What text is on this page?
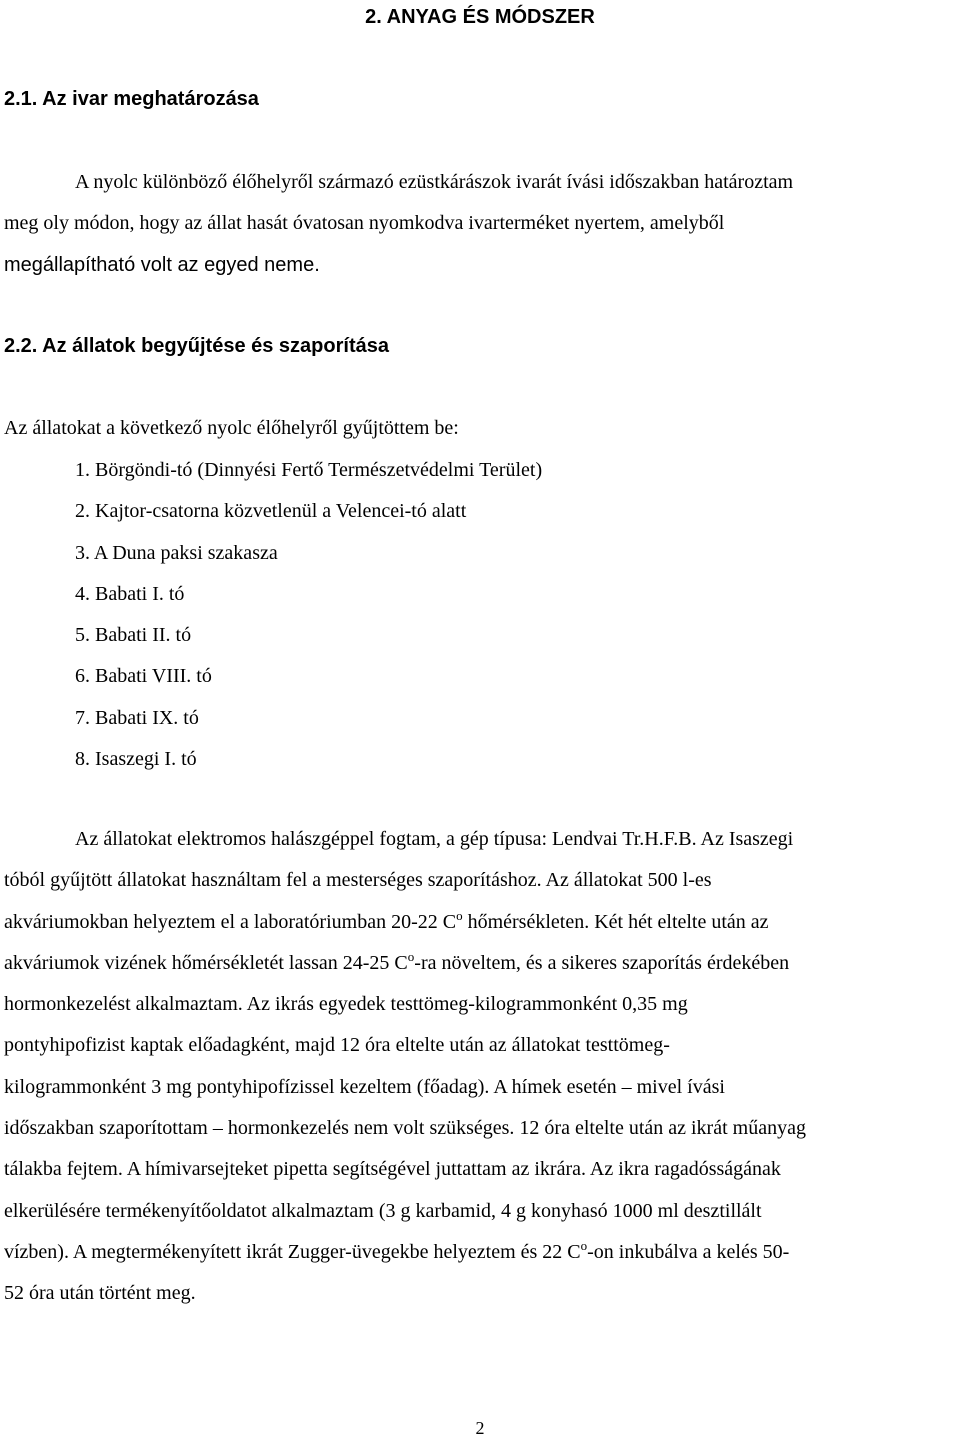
2. ANYAG ÉS MÓDSZER
2.1. Az ivar meghatározása
A nyolc különböző élőhelyről származó ezüstkárászok ivarát ívási időszakban határoztam
meg oly módon, hogy az állat hasát óvatosan nyomkodva ivarterméket nyertem, amelyből
megállapítható volt az egyed neme.
2.2. Az állatok begyűjtése és szaporítása
Az állatokat a következő nyolc élőhelyről gyűjtöttem be:
1. Börgöndi-tó (Dinnyési Fertő Természetvédelmi Terület)
2. Kajtor-csatorna közvetlenül a Velencei-tó alatt
3. A Duna paksi szakasza
4. Babati I. tó
5. Babati II. tó
6. Babati VIII. tó
7. Babati IX. tó
8. Isaszegi I. tó
Az állatokat elektromos halászgéppel fogtam, a gép típusa: Lendvai Tr.H.F.B. Az Isaszegi
tóból gyűjtött állatokat használtam fel a mesterséges szaporításhoz. Az állatokat 500 l-es
akváriumokban helyeztem el a laboratóriumban 20-22 $C^o$ hőmérsékleten. Két hét eltelte után az
akváriumok vizének hőmérsékletét lassan 24-25 $C^o-ra$ növeltem, és a sikeres szaporítás érdekében
hormonkezelést alkalmaztam. Az ikrás egyedek testtömeg-kilogrammonként 0,35 mg
pontyhipofizist kaptak előadagként, majd 12 óra eltelte után az állatokat testtömeg-
kilogrammonként 3 mg pontyhipofízissel kezeltem (főadag). A hímek esetén – mivel ívási
időszakban szaporítottam – hormonkezelés nem volt szükséges. 12 óra eltelte után az ikrát műanyag
tálakba fejtem. A hímivarsejteket pipetta segítségével juttattam az ikrára. Az ikra ragadósságának
elkerülésére termékenyítőoldatot alkalmaztam (3 g karbamid, 4 g konyhasó 1000 ml desztillált
vízben). A megtermékenyített ikrát Zugger-üvegekbe helyeztem és 22 $C^o-on$ inkubálva a kelés 50-
52 óra után történt meg.
2
